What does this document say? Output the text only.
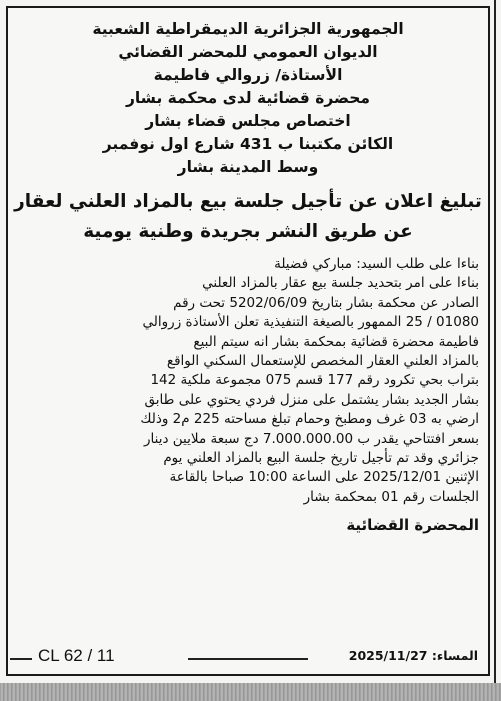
الجمهورية الجزائرية الديمقراطية الشعبية
الديوان العمومي للمحضر القضائي
الأستاذة/ زروالي فاطيمة
محضرة قضائية لدى محكمة بشار
اختصاص مجلس قضاء بشار
الكائن مكتبنا ب 431 شارع اول نوفمبر
وسط المدينة بشار
تبليغ اعلان عن تأجيل جلسة بيع بالمزاد العلني لعقار
عن طريق النشر بجريدة وطنية يومية
بناءا على طلب السيد: مباركي فضيلة
بناءا على امر بتحديد جلسة بيع عقار بالمزاد العلني
الصادر عن محكمة بشار بتاريخ 5202/06/09 تحت رقم
01080 / 25 الممهور بالصيغة التنفيذية تعلن الأستاذة زروالي
فاطيمة محضرة قضائية بمحكمة بشار انه سيتم البيع
بالمزاد العلني العقار المخصص للإستعمال السكني الواقع
بتراب بحي تكرود رقم 177 قسم 075 مجموعة ملكية 142
بشار الجديد بشار يشتمل على منزل فردي يحتوي على طابق
ارضي به 03 غرف ومطبخ وحمام تبلغ مساحته 225 م2 وذلك
بسعر افتتاحي يقدر ب 7.000.000.00 دج سبعة ملايين دينار
جزائري وقد تم تأجيل تاريخ جلسة البيع بالمزاد العلني يوم
الإثنين 2025/12/01 على الساعة 10:00 صباحا بالقاعة
الجلسات رقم 01 بمحكمة بشار
المحضرة القضائية
CL 62 / 11	المساء: 2025/11/27
